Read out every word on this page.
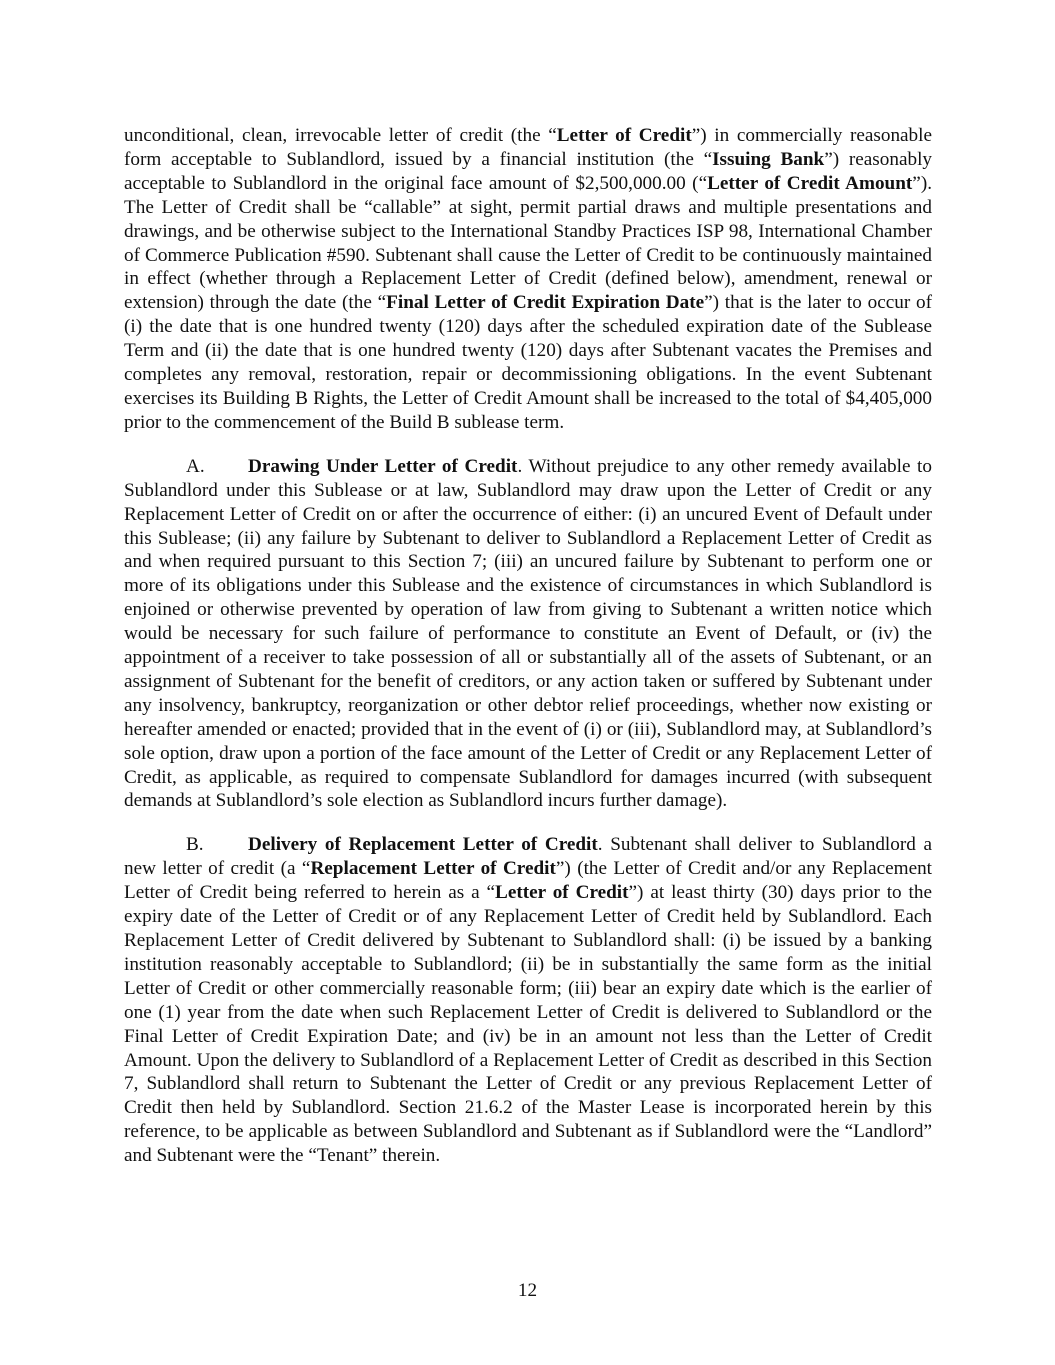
unconditional, clean, irrevocable letter of credit (the “Letter of Credit”) in commercially reasonable form acceptable to Sublandlord, issued by a financial institution (the “Issuing Bank”) reasonably acceptable to Sublandlord in the original face amount of $2,500,000.00 (“Letter of Credit Amount”). The Letter of Credit shall be “callable” at sight, permit partial draws and multiple presentations and drawings, and be otherwise subject to the International Standby Practices ISP 98, International Chamber of Commerce Publication #590. Subtenant shall cause the Letter of Credit to be continuously maintained in effect (whether through a Replacement Letter of Credit (defined below), amendment, renewal or extension) through the date (the “Final Letter of Credit Expiration Date”) that is the later to occur of (i) the date that is one hundred twenty (120) days after the scheduled expiration date of the Sublease Term and (ii) the date that is one hundred twenty (120) days after Subtenant vacates the Premises and completes any removal, restoration, repair or decommissioning obligations. In the event Subtenant exercises its Building B Rights, the Letter of Credit Amount shall be increased to the total of $4,405,000 prior to the commencement of the Build B sublease term.

A. Drawing Under Letter of Credit. Without prejudice to any other remedy available to Sublandlord under this Sublease or at law, Sublandlord may draw upon the Letter of Credit or any Replacement Letter of Credit on or after the occurrence of either: (i) an uncured Event of Default under this Sublease; (ii) any failure by Subtenant to deliver to Sublandlord a Replacement Letter of Credit as and when required pursuant to this Section 7; (iii) an uncured failure by Subtenant to perform one or more of its obligations under this Sublease and the existence of circumstances in which Sublandlord is enjoined or otherwise prevented by operation of law from giving to Subtenant a written notice which would be necessary for such failure of performance to constitute an Event of Default, or (iv) the appointment of a receiver to take possession of all or substantially all of the assets of Subtenant, or an assignment of Subtenant for the benefit of creditors, or any action taken or suffered by Subtenant under any insolvency, bankruptcy, reorganization or other debtor relief proceedings, whether now existing or hereafter amended or enacted; provided that in the event of (i) or (iii), Sublandlord may, at Sublandlord’s sole option, draw upon a portion of the face amount of the Letter of Credit or any Replacement Letter of Credit, as applicable, as required to compensate Sublandlord for damages incurred (with subsequent demands at Sublandlord’s sole election as Sublandlord incurs further damage).

B. Delivery of Replacement Letter of Credit. Subtenant shall deliver to Sublandlord a new letter of credit (a “Replacement Letter of Credit”) (the Letter of Credit and/or any Replacement Letter of Credit being referred to herein as a “Letter of Credit”) at least thirty (30) days prior to the expiry date of the Letter of Credit or of any Replacement Letter of Credit held by Sublandlord. Each Replacement Letter of Credit delivered by Subtenant to Sublandlord shall: (i) be issued by a banking institution reasonably acceptable to Sublandlord; (ii) be in substantially the same form as the initial Letter of Credit or other commercially reasonable form; (iii) bear an expiry date which is the earlier of one (1) year from the date when such Replacement Letter of Credit is delivered to Sublandlord or the Final Letter of Credit Expiration Date; and (iv) be in an amount not less than the Letter of Credit Amount. Upon the delivery to Sublandlord of a Replacement Letter of Credit as described in this Section 7, Sublandlord shall return to Subtenant the Letter of Credit or any previous Replacement Letter of Credit then held by Sublandlord. Section 21.6.2 of the Master Lease is incorporated herein by this reference, to be applicable as between Sublandlord and Subtenant as if Sublandlord were the “Landlord” and Subtenant were the “Tenant” therein.

12
